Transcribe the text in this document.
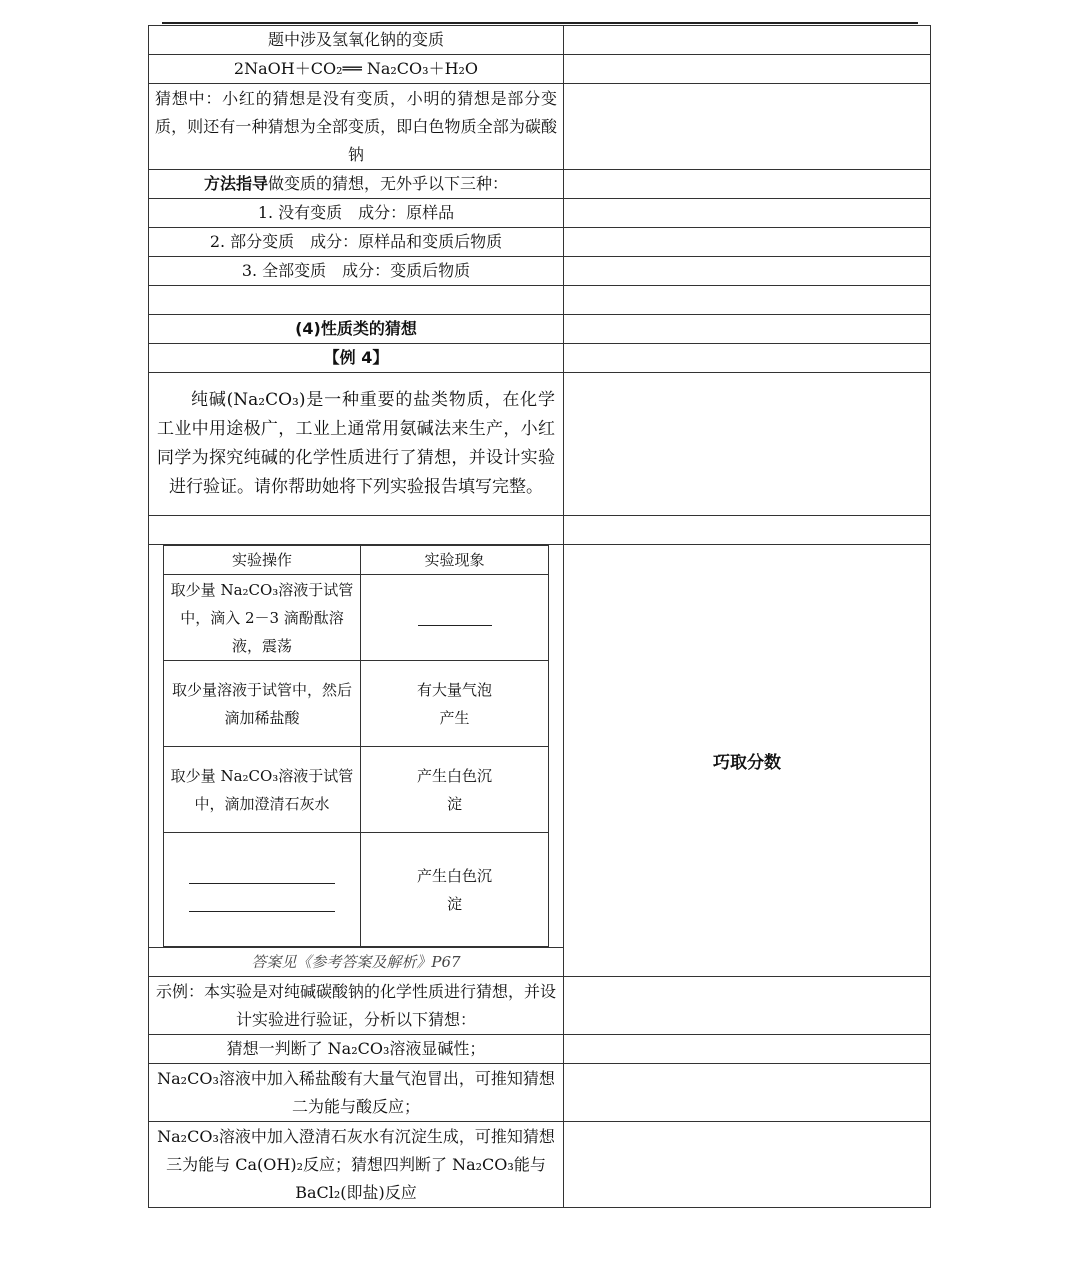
题中涉及氢氧化钠的变质	
2NaOH＋CO₂══ Na₂CO₃＋H₂O	
猜想中：小红的猜想是没有变质，小明的猜想是部分变质，则还有一种猜想为全部变质，即白色物质全部为碳酸钠	
方法指导做变质的猜想，无外乎以下三种：	
1. 没有变质　成分：原样品	
2. 部分变质　成分：原样品和变质后物质	
3. 全部变质　成分：变质后物质	

(4)性质类的猜想	
【例 4】	
纯碱(Na₂CO₃)是一种重要的盐类物质，在化学工业中用途极广，工业上通常用氨碱法来生产，小红同学为探究纯碱的化学性质进行了猜想，并设计实验进行验证。请你帮助她将下列实验报告填写完整。	

实验操作	实验现象
取少量 Na₂CO₃溶液于试管中，滴入 2－3 滴酚酞溶液，震荡	
取少量溶液于试管中，然后滴加稀盐酸	有大量气泡产生
取少量 Na₂CO₃溶液于试管中，滴加澄清石灰水	产生白色沉淀

	产生白色沉淀
	巧取分数
答案见《参考答案及解析》P67
示例：本实验是对纯碱碳酸钠的化学性质进行猜想，并设计实验进行验证，分析以下猜想：	
猜想一判断了 Na₂CO₃溶液显碱性；	
Na₂CO₃溶液中加入稀盐酸有大量气泡冒出，可推知猜想二为能与酸反应；	
Na₂CO₃溶液中加入澄清石灰水有沉淀生成，可推知猜想三为能与 Ca(OH)₂反应；猜想四判断了 Na₂CO₃能与 BaCl₂(即盐)反应	
